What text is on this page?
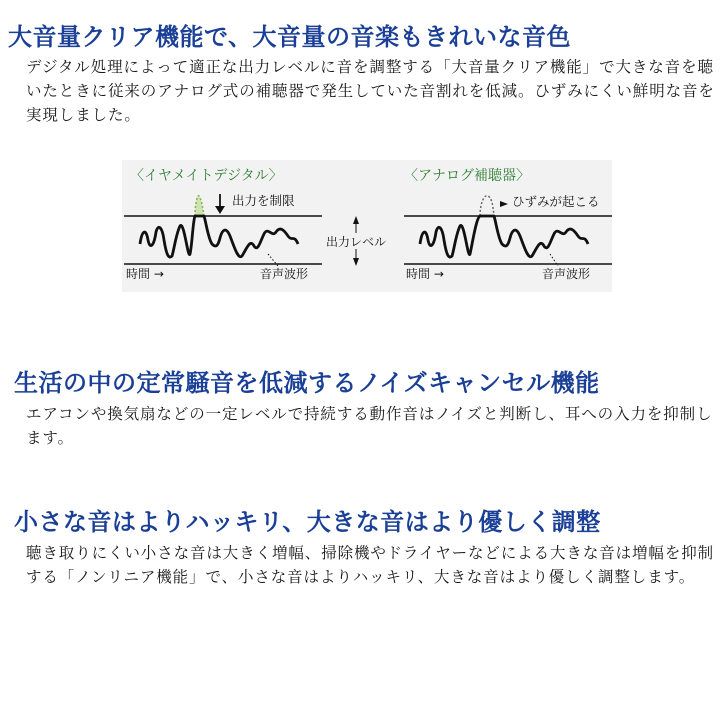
大音量クリア機能で、大音量の音楽もきれいな音色

デジタル処理によって適正な出力レベルに音を調整する「大音量クリア機能」で大きな音を聴いたときに従来のアナログ式の補聴器で発生していた音割れを低減。ひずみにくい鮮明な音を実現しました。

〈イヤメイトデジタル〉	〈アナログ補聴器〉
出力を制限
出力レベル
ひずみが起こる
時間 →	音声波形	時間 →	音声波形
生活の中の定常騒音を低減するノイズキャンセル機能

エアコンや換気扇などの一定レベルで持続する動作音はノイズと判断し、耳への入力を抑制します。

小さな音はよりハッキリ、大きな音はより優しく調整

聴き取りにくい小さな音は大きく増幅、掃除機やドライヤーなどによる大きな音は増幅を抑制する「ノンリニア機能」で、小さな音はよりハッキリ、大きな音はより優しく調整します。
